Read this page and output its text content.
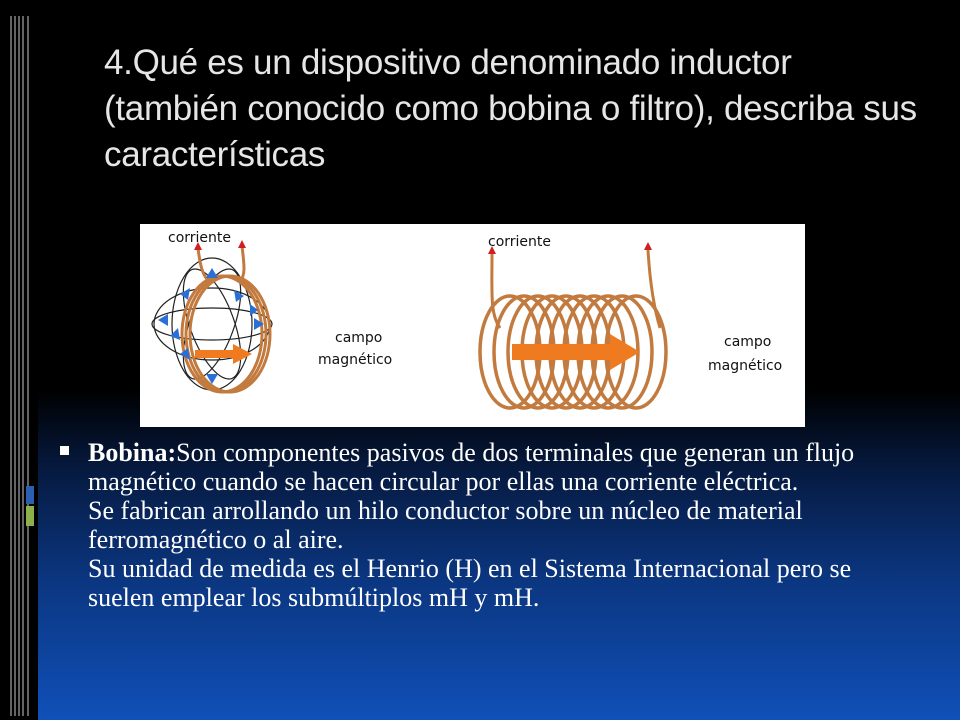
4.Qué es un dispositivo denominado inductor (también conocido como bobina o filtro), describa sus características
corriente
campo
magnético
corriente
campo
magnético

Bobina:Son componentes pasivos de dos terminales que generan un flujo magnético cuando se hacen circular por ellas una corriente eléctrica.

Se fabrican arrollando un hilo conductor sobre un núcleo de material ferromagnético o al aire.

Su unidad de medida es el Henrio (H) en el Sistema Internacional pero se suelen emplear los submúltiplos mH y mH.
